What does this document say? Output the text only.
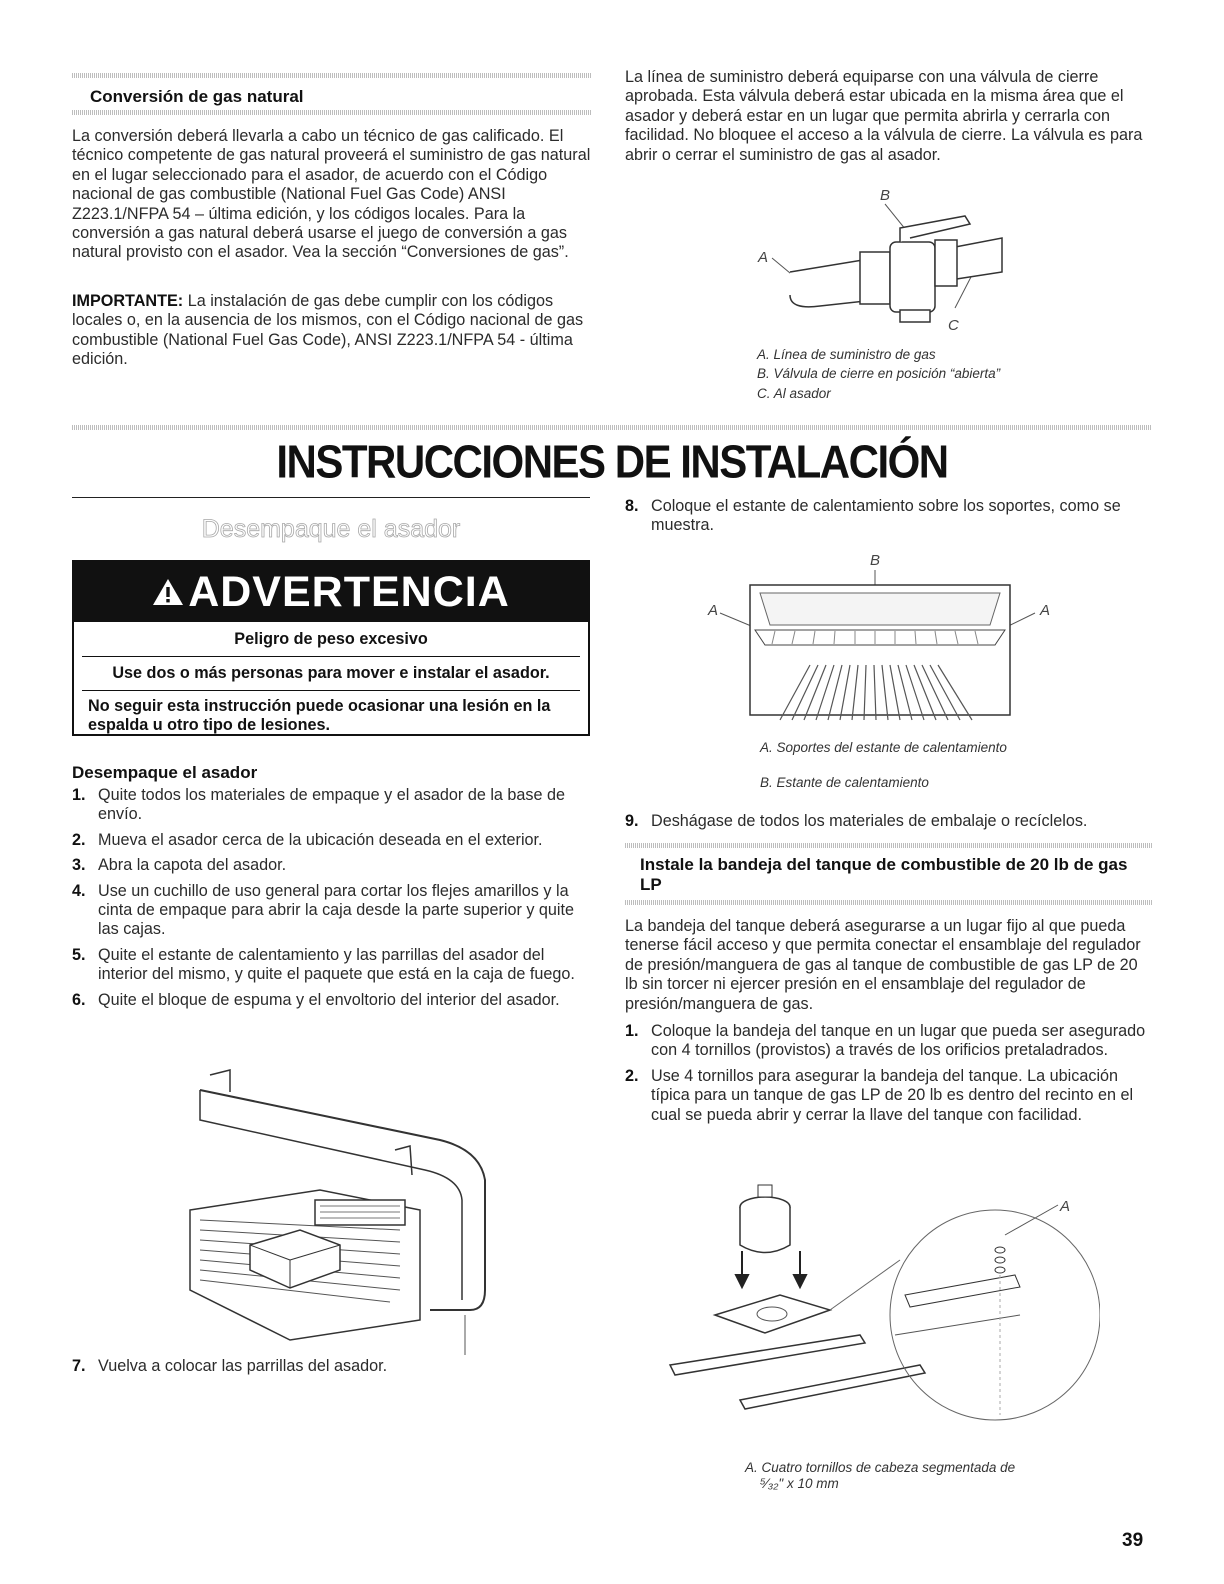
Conversión de gas natural

La conversión deberá llevarla a cabo un técnico de gas calificado. El técnico competente de gas natural proveerá el suministro de gas natural en el lugar seleccionado para el asador, de acuerdo con el Código nacional de gas combustible (National Fuel Gas Code) ANSI Z223.1/NFPA 54 – última edición, y los códigos locales. Para la conversión a gas natural deberá usarse el juego de conversión a gas natural provisto con el asador. Vea la sección “Conversiones de gas”.

IMPORTANTE: La instalación de gas debe cumplir con los códigos locales o, en la ausencia de los mismos, con el Código nacional de gas combustible (National Fuel Gas Code), ANSI Z223.1/NFPA 54 - última edición.

La línea de suministro deberá equiparse con una válvula de cierre aprobada. Esta válvula deberá estar ubicada en la misma área que el asador y deberá estar en un lugar que permita abrirla y cerrarla con facilidad. No bloquee el acceso a la válvula de cierre. La válvula es para abrir o cerrar el suministro de gas al asador.

B
A
C
A. Línea de suministro de gas
B. Válvula de cierre en posición “abierta”
C. Al asador
INSTRUCCIONES DE INSTALACIÓN
Desempaque el asador
ADVERTENCIA
Peligro de peso excesivo
Use dos o más personas para mover e instalar el asador.
No seguir esta instrucción puede ocasionar una lesión en la espalda u otro tipo de lesiones.
Desempaque el asador
1. Quite todos los materiales de empaque y el asador de la base de envío.
2. Mueva el asador cerca de la ubicación deseada en el exterior.
3. Abra la capota del asador.
4. Use un cuchillo de uso general para cortar los flejes amarillos y la cinta de empaque para abrir la caja desde la parte superior y quite las cajas.
5. Quite el estante de calentamiento y las parrillas del asador del interior del mismo, y quite el paquete que está en la caja de fuego.
6. Quite el bloque de espuma y el envoltorio del interior del asador.
7. Vuelva a colocar las parrillas del asador.
8. Coloque el estante de calentamiento sobre los soportes, como se muestra.
B
A	A
A. Soportes del estante de calentamiento
B. Estante de calentamiento
9. Deshágase de todos los materiales de embalaje o recíclelos.
Instale la bandeja del tanque de combustible de 20 lb de gas LP

La bandeja del tanque deberá asegurarse a un lugar fijo al que pueda tenerse fácil acceso y que permita conectar el ensamblaje del regulador de presión/manguera de gas al tanque de combustible de gas LP de 20 lb sin torcer ni ejercer presión en el ensamblaje del regulador de presión/manguera de gas.

1. Coloque la bandeja del tanque en un lugar que pueda ser asegurado con 4 tornillos (provistos) a través de los orificios pretaladrados.
2. Use 4 tornillos para asegurar la bandeja del tanque. La ubicación típica para un tanque de gas LP de 20 lb es dentro del recinto en el cual se pueda abrir y cerrar la llave del tanque con facilidad.
A
A. Cuatro tornillos de cabeza segmentada de
⁵⁄₃₂" x 10 mm
39
